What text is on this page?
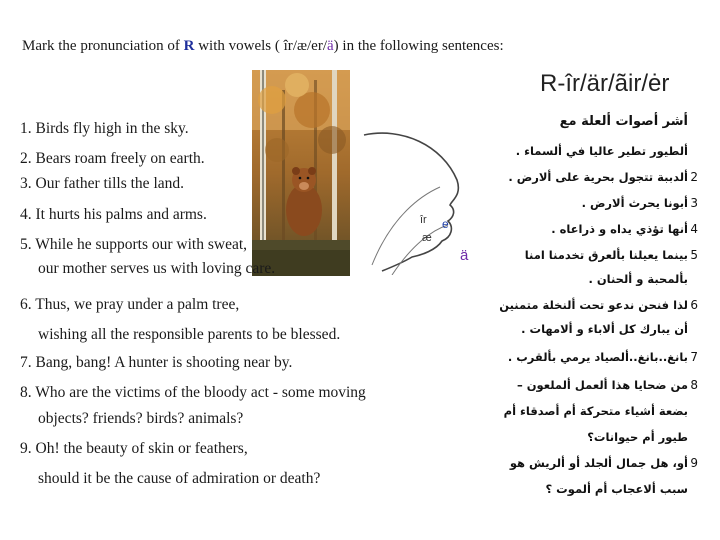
Mark the pronunciation of R with vowels ( îr/æ/er/ä) in the following sentences:
R-îr/är/ãir/ėr
îr e
æ
ä
1. Birds fly high in the sky.
2. Bears roam freely on earth.
3. Our father tills the land.
4. It hurts his palms and arms.
5. While he supports our with sweat,
our mother serves us with loving care.
6. Thus, we pray under a palm tree,
wishing all the responsible parents to be blessed.
7. Bang, bang! A hunter is shooting near by.
8. Who are the victims of the bloody act - some moving
objects? friends? birds? animals?
9. Oh! the beauty of skin or feathers,
should it be the cause of admiration or death?
أشر أصوات ألعلة مع
ألطيور تطير عاليا في ألسماء .
ألدببة تتجول بحرية على ألارض .
أبونا يحرث ألارض .
أنها تؤذي يداه و ذراعاه .
بينما يعيلنا بألعرق تخدمنا امنا
بألمحبة و ألحنان .
لذا فنحن ندعو تحت ألنخلة متمنين
أن يبارك كل ألاباء و ألامهات .
بانغ..بانغ..ألصياد يرمي بألقرب .
من ضحايا هذا ألعمل ألملعون –
بضعة أشياء متحركة أم أصدقاء أم
طيور أم حيوانات؟
أو، هل جمال ألجلد أو ألريش هو
سبب ألاعجاب أم ألموت ؟
2
3
4
5
6
7
8
9
